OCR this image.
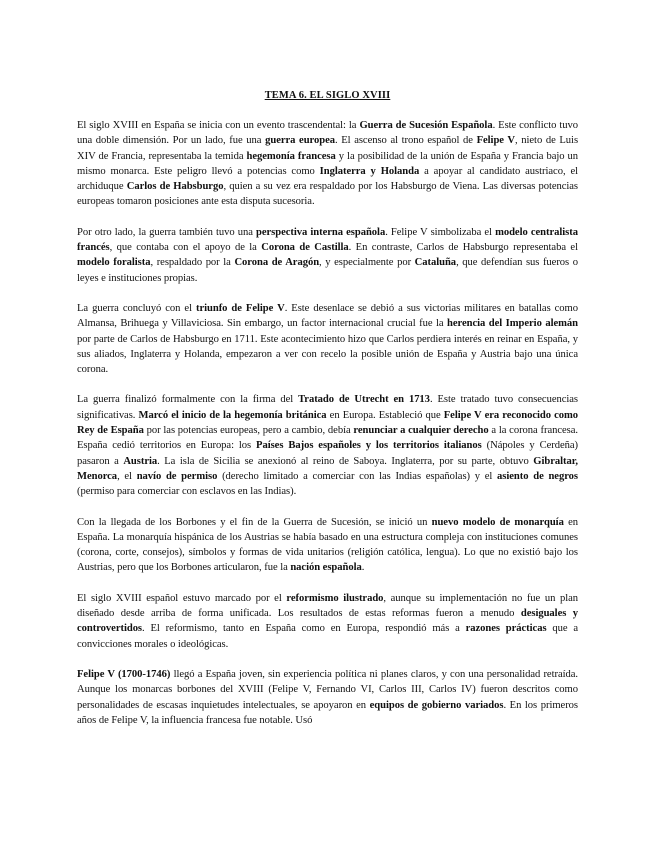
TEMA 6. EL SIGLO XVIII

El siglo XVIII en España se inicia con un evento trascendental: la Guerra de Sucesión Española. Este conflicto tuvo una doble dimensión. Por un lado, fue una guerra europea. El ascenso al trono español de Felipe V, nieto de Luis XIV de Francia, representaba la temida hegemonía francesa y la posibilidad de la unión de España y Francia bajo un mismo monarca. Este peligro llevó a potencias como Inglaterra y Holanda a apoyar al candidato austriaco, el archiduque Carlos de Habsburgo, quien a su vez era respaldado por los Habsburgo de Viena. Las diversas potencias europeas tomaron posiciones ante esta disputa sucesoria.

Por otro lado, la guerra también tuvo una perspectiva interna española. Felipe V simbolizaba el modelo centralista francés, que contaba con el apoyo de la Corona de Castilla. En contraste, Carlos de Habsburgo representaba el modelo foralista, respaldado por la Corona de Aragón, y especialmente por Cataluña, que defendían sus fueros o leyes e instituciones propias.

La guerra concluyó con el triunfo de Felipe V. Este desenlace se debió a sus victorias militares en batallas como Almansa, Brihuega y Villaviciosa. Sin embargo, un factor internacional crucial fue la herencia del Imperio alemán por parte de Carlos de Habsburgo en 1711. Este acontecimiento hizo que Carlos perdiera interés en reinar en España, y sus aliados, Inglaterra y Holanda, empezaron a ver con recelo la posible unión de España y Austria bajo una única corona.

La guerra finalizó formalmente con la firma del Tratado de Utrecht en 1713. Este tratado tuvo consecuencias significativas. Marcó el inicio de la hegemonía británica en Europa. Estableció que Felipe V era reconocido como Rey de España por las potencias europeas, pero a cambio, debía renunciar a cualquier derecho a la corona francesa. España cedió territorios en Europa: los Países Bajos españoles y los territorios italianos (Nápoles y Cerdeña) pasaron a Austria. La isla de Sicilia se anexionó al reino de Saboya. Inglaterra, por su parte, obtuvo Gibraltar, Menorca, el navío de permiso (derecho limitado a comerciar con las Indias españolas) y el asiento de negros (permiso para comerciar con esclavos en las Indias).

Con la llegada de los Borbones y el fin de la Guerra de Sucesión, se inició un nuevo modelo de monarquía en España. La monarquía hispánica de los Austrias se había basado en una estructura compleja con instituciones comunes (corona, corte, consejos), símbolos y formas de vida unitarios (religión católica, lengua). Lo que no existió bajo los Austrias, pero que los Borbones articularon, fue la nación española.

El siglo XVIII español estuvo marcado por el reformismo ilustrado, aunque su implementación no fue un plan diseñado desde arriba de forma unificada. Los resultados de estas reformas fueron a menudo desiguales y controvertidos. El reformismo, tanto en España como en Europa, respondió más a razones prácticas que a convicciones morales o ideológicas.

Felipe V (1700-1746) llegó a España joven, sin experiencia política ni planes claros, y con una personalidad retraída. Aunque los monarcas borbones del XVIII (Felipe V, Fernando VI, Carlos III, Carlos IV) fueron descritos como personalidades de escasas inquietudes intelectuales, se apoyaron en equipos de gobierno variados. En los primeros años de Felipe V, la influencia francesa fue notable. Usó
